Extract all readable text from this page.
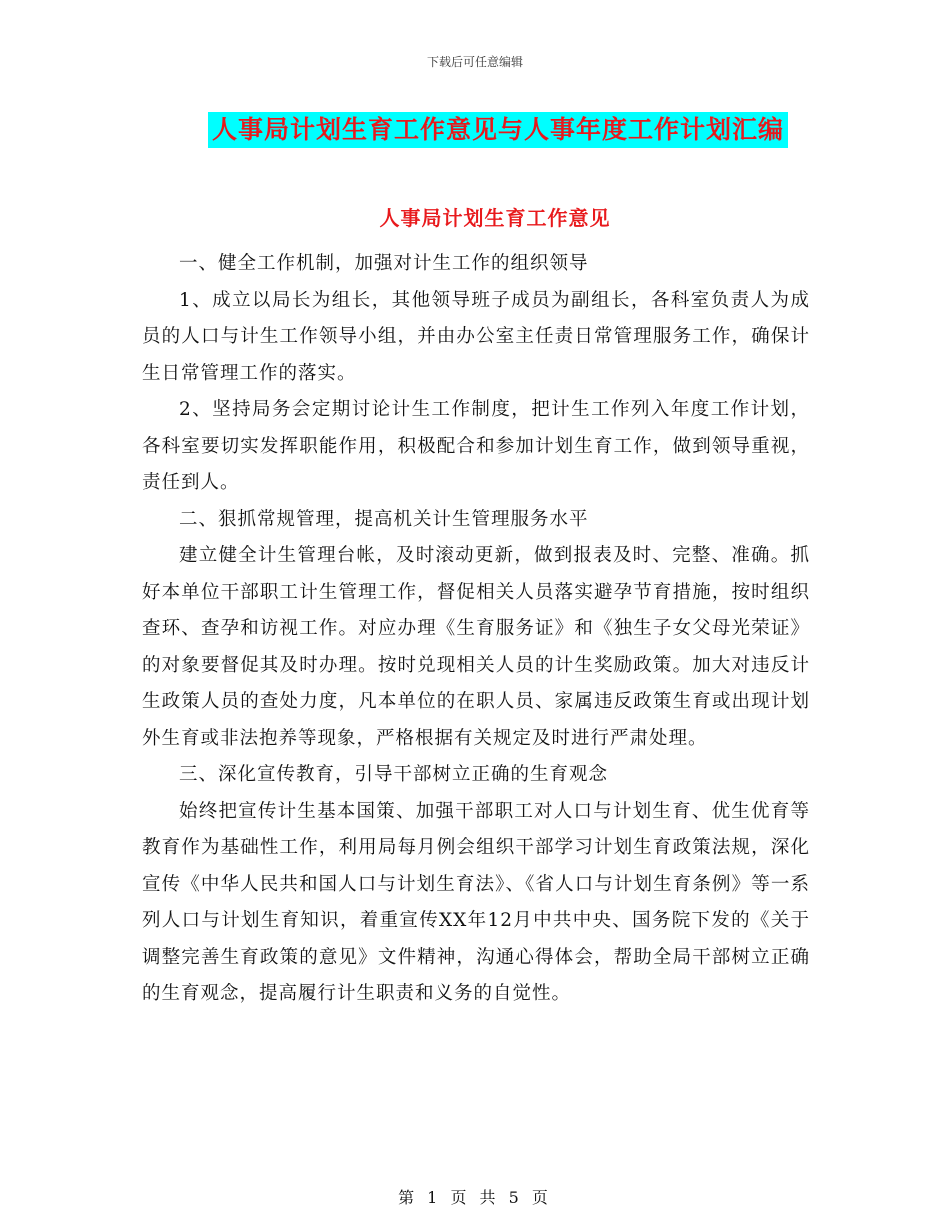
下载后可任意编辑
人事局计划生育工作意见与人事年度工作计划汇编
人事局计划生育工作意见

一、健全工作机制，加强对计生工作的组织领导

1、成立以局长为组长，其他领导班子成员为副组长，各科室负责人为成员的人口与计生工作领导小组，并由办公室主任责日常管理服务工作，确保计生日常管理工作的落实。

2、坚持局务会定期讨论计生工作制度，把计生工作列入年度工作计划，各科室要切实发挥职能作用，积极配合和参加计划生育工作，做到领导重视，责任到人。

二、狠抓常规管理，提高机关计生管理服务水平

建立健全计生管理台帐，及时滚动更新，做到报表及时、完整、准确。抓好本单位干部职工计生管理工作，督促相关人员落实避孕节育措施，按时组织查环、查孕和访视工作。对应办理《生育服务证》和《独生子女父母光荣证》的对象要督促其及时办理。按时兑现相关人员的计生奖励政策。加大对违反计生政策人员的查处力度，凡本单位的在职人员、家属违反政策生育或出现计划外生育或非法抱养等现象，严格根据有关规定及时进行严肃处理。

三、深化宣传教育，引导干部树立正确的生育观念

始终把宣传计生基本国策、加强干部职工对人口与计划生育、优生优育等教育作为基础性工作，利用局每月例会组织干部学习计划生育政策法规，深化宣传《中华人民共和国人口与计划生育法》、《省人口与计划生育条例》等一系列人口与计划生育知识，着重宣传XX年12月中共中央、国务院下发的《关于调整完善生育政策的意见》文件精神，沟通心得体会，帮助全局干部树立正确的生育观念，提高履行计生职责和义务的自觉性。

第 1 页 共 5 页
